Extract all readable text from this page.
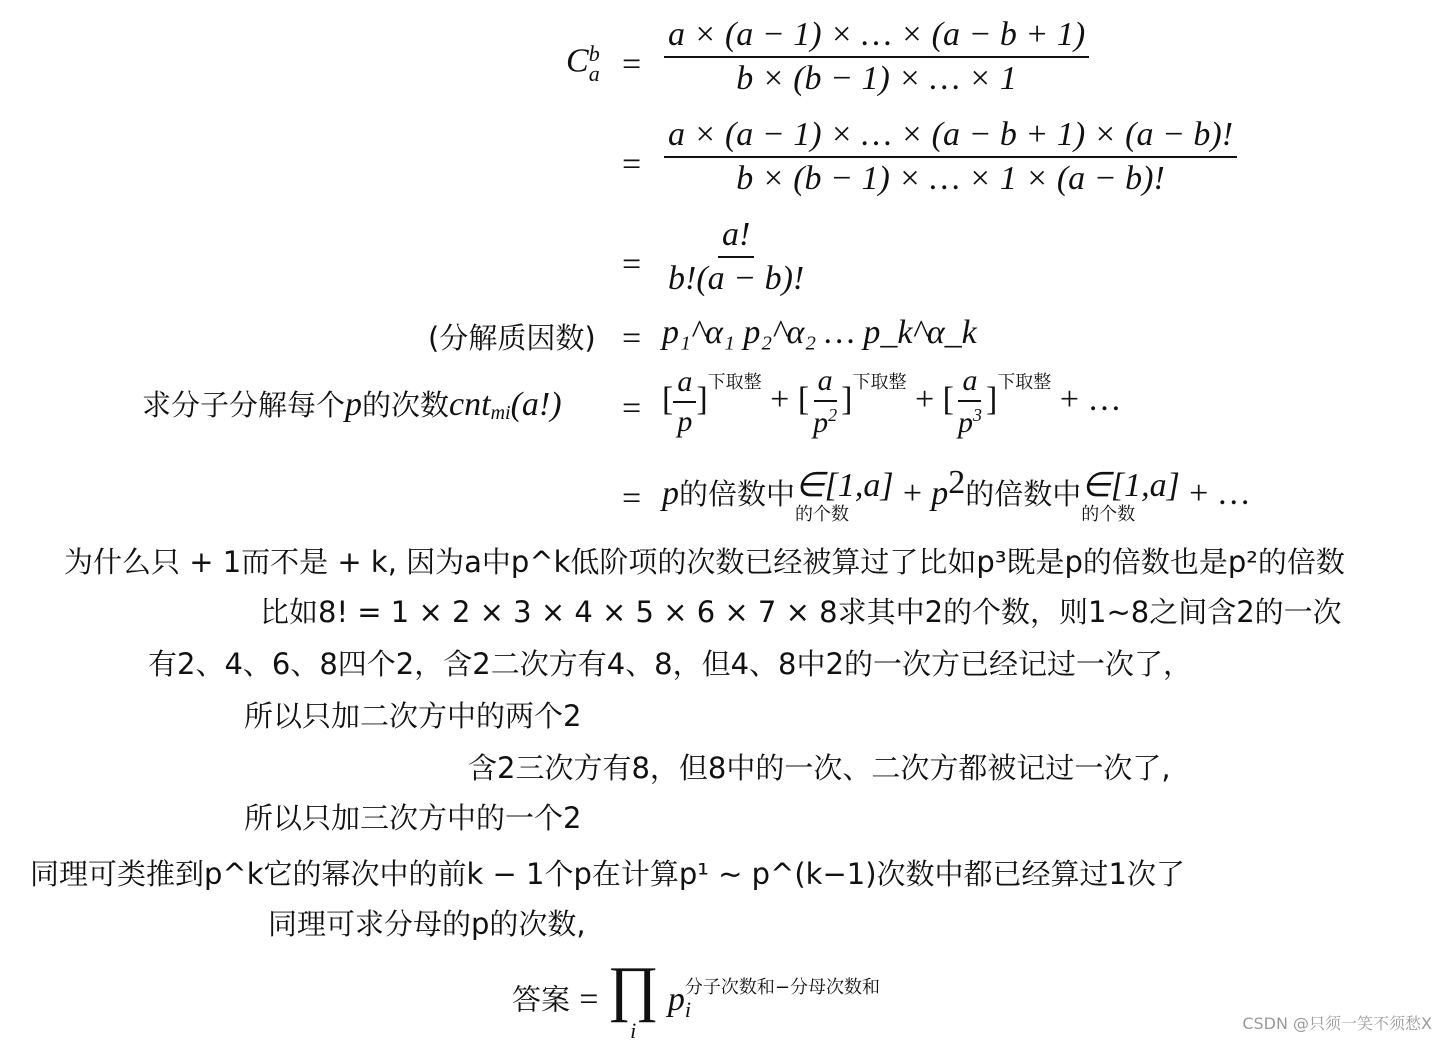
C b
$a = \frac{a \times (a - 1) \times \dots \times (a - b + 1)}{b \times (b - 1) \times \dots \times 1}$
= $\frac{a \times (a - 1) \times \dots \times (a - b + 1) \times (a - b)!}{b \times (b - 1) \times \dots \times 1 \times (a - b)!}$
= $\frac{a!}{b!(a - b)!}$
(分解质因数) = p₁^α₁ p₂^α₂ … p_k^α_k
求分子分解每个p的次数cnt$_{mi}$(a!) = [ $\frac{a}{p} ]^{下取整}$ + [ $\frac{a}{p^2} ]^{下取整}$ + [ $\frac{a}{p^3} ]^{下取整}$ + …
= p的倍数中 ∈[1,a]
的个数
+ $p^2$的倍数中 ∈[1,a]
的个数
+ …
为什么只 + 1而不是 + k, 因为a中p^k低阶项的次数已经被算过了比如p³既是p的倍数也是p²的倍数
比如8! = 1 × 2 × 3 × 4 × 5 × 6 × 7 × 8求其中2的个数，则1~8之间含2的一次
有2、4、6、8四个2，含2二次方有4、8，但4、8中2的一次方已经记过一次了，
所以只加二次方中的两个2
含2三次方有8，但8中的一次、二次方都被记过一次了,
所以只加三次方中的一个2
同理可类推到p^k它的幂次中的前k − 1个p在计算p¹ ~ p^(k−1)次数中都已经算过1次了
同理可求分母的p的次数,
答案 = ∏
i
p 分子次数和−分母次数和
i
CSDN @只须一笑不须愁X
